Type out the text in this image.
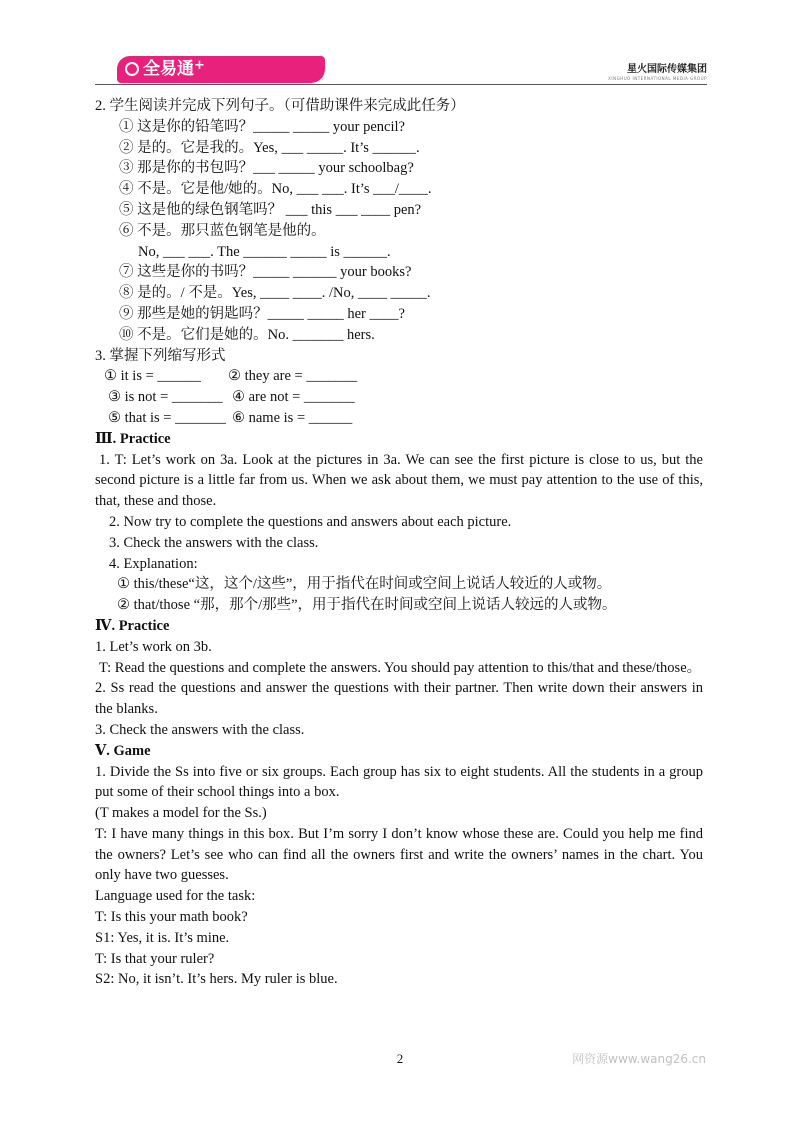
全易通+	星火国际传媒集团
XINGHUO INTERNATIONAL MEDIA GROUP
2. 学生阅读并完成下列句子。（可借助课件来完成此任务）
① 这是你的铅笔吗？_____ _____ your pencil?
② 是的。它是我的。Yes, ___ _____. It’s ______.
③ 那是你的书包吗？___ _____ your schoolbag?
④ 不是。它是他/她的。No, ___ ___. It’s ___/____.
⑤ 这是他的绿色钢笔吗？ ___ this ___ ____ pen?
⑥ 不是。那只蓝色钢笔是他的。
No, ___ ___. The ______ _____ is ______.
⑦ 这些是你的书吗？_____ ______ your books?
⑧ 是的。/ 不是。Yes, ____ ____. /No, ____ _____.
⑨ 那些是她的钥匙吗？_____ _____ her ____?
⑩ 不是。它们是她的。No. _______ hers.
3. 掌握下列缩写形式
① it is = ______ ② they are = _______
③ is not = _______ ④ are not = _______
⑤ that is = _______ ⑥ name is = ______
Ⅲ. Practice
1. T: Let’s work on 3a. Look at the pictures in 3a. We can see the first picture is close to us, but the second picture is a little far from us. When we ask about them, we must pay attention to the use of this, that, these and those.
2. Now try to complete the questions and answers about each picture.
3. Check the answers with the class.
4. Explanation:
① this/these“这，这个/这些”，用于指代在时间或空间上说话人较近的人或物。
② that/those “那，那个/那些”，用于指代在时间或空间上说话人较远的人或物。
Ⅳ. Practice
1. Let’s work on 3b.
T: Read the questions and complete the answers. You should pay attention to this/that and these/those。
2. Ss read the questions and answer the questions with their partner. Then write down their answers in the blanks.
3. Check the answers with the class.
Ⅴ. Game
1. Divide the Ss into five or six groups. Each group has six to eight students. All the students in a group put some of their school things into a box.
(T makes a model for the Ss.)
T: I have many things in this box. But I’m sorry I don’t know whose these are. Could you help me find the owners? Let’s see who can find all the owners first and write the owners’ names in the chart. You only have two guesses.
Language used for the task:
T: Is this your math book?
S1: Yes, it is. It’s mine.
T: Is that your ruler?
S2: No, it isn’t. It’s hers. My ruler is blue.
2	网资源www.wang26.cn
